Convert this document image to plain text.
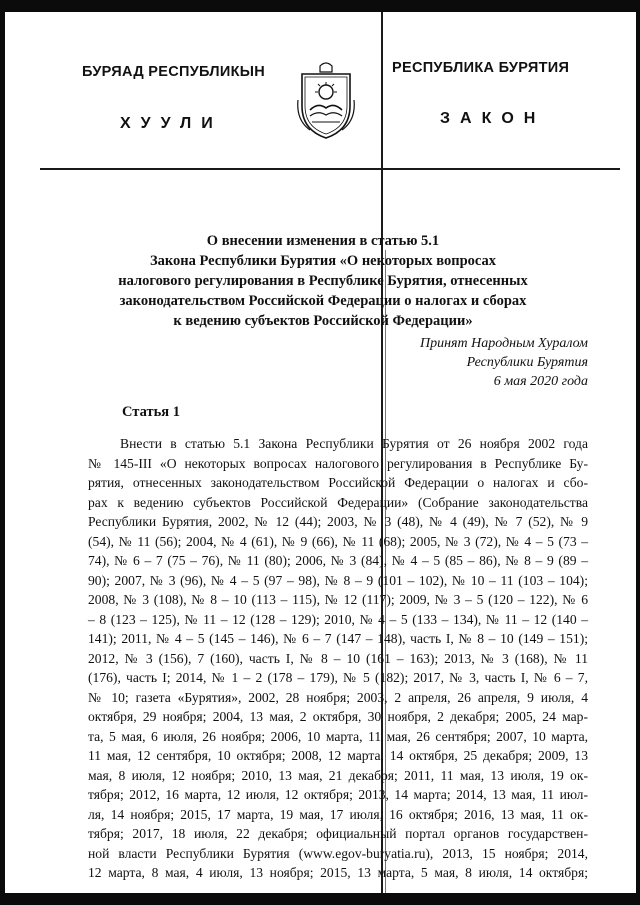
БУРЯАД РЕСПУБЛИКЫН
ХУУЛИ
РЕСПУБЛИКА БУРЯТИЯ
ЗАКОН
О внесении изменения в статью 5.1
Закона Республики Бурятия «О некоторых вопросах
налогового регулирования в Республике Бурятия, отнесенных
законодательством Российской Федерации о налогах и сборах
к ведению субъектов Российской Федерации»
Принят Народным Хуралом
Республики Бурятия
6 мая 2020 года
Статья 1
Внести в статью 5.1 Закона Республики Бурятия от 26 ноября 2002 года
№ 145-III «О некоторых вопросах налогового регулирования в Республике Бу-
рятия, отнесенных законодательством Российской Федерации о налогах и сбо-
рах к ведению субъектов Российской Федерации» (Собрание законодательства
Республики Бурятия, 2002, № 12 (44); 2003, № 3 (48), № 4 (49), № 7 (52), № 9
(54), № 11 (56); 2004, № 4 (61), № 9 (66), № 11 (68); 2005, № 3 (72), № 4 – 5 (73 –
74), № 6 – 7 (75 – 76), № 11 (80); 2006, № 3 (84), № 4 – 5 (85 – 86), № 8 – 9 (89 –
90); 2007, № 3 (96), № 4 – 5 (97 – 98), № 8 – 9 (101 – 102), № 10 – 11 (103 – 104);
2008, № 3 (108), № 8 – 10 (113 – 115), № 12 (117); 2009, № 3 – 5 (120 – 122), № 6
– 8 (123 – 125), № 11 – 12 (128 – 129); 2010, № 4 – 5 (133 – 134), № 11 – 12 (140 –
141); 2011, № 4 – 5 (145 – 146), № 6 – 7 (147 – 148), часть I, № 8 – 10 (149 – 151);
2012, № 3 (156), 7 (160), часть I, № 8 – 10 (161 – 163); 2013, № 3 (168), № 11
(176), часть I; 2014, № 1 – 2 (178 – 179), № 5 (182); 2017, № 3, часть I, № 6 – 7,
№ 10; газета «Бурятия», 2002, 28 ноября; 2003, 2 апреля, 26 апреля, 9 июля, 4
октября, 29 ноября; 2004, 13 мая, 2 октября, 30 ноября, 2 декабря; 2005, 24 мар-
та, 5 мая, 6 июля, 26 ноября; 2006, 10 марта, 11 мая, 26 сентября; 2007, 10 марта,
11 мая, 12 сентября, 10 октября; 2008, 12 марта, 14 октября, 25 декабря; 2009, 13
мая, 8 июля, 12 ноября; 2010, 13 мая, 21 декабря; 2011, 11 мая, 13 июля, 19 ок-
тября; 2012, 16 марта, 12 июля, 12 октября; 2013, 14 марта; 2014, 13 мая, 11 июл-
ля, 14 ноября; 2015, 17 марта, 19 мая, 17 июля, 16 октября; 2016, 13 мая, 11 ок-
тября; 2017, 18 июля, 22 декабря; официальный портал органов государствен-
ной власти Республики Бурятия (www.egov-buryatia.ru), 2013, 15 ноября; 2014,
12 марта, 8 мая, 4 июля, 13 ноября; 2015, 13 марта, 5 мая, 8 июля, 14 октября;
